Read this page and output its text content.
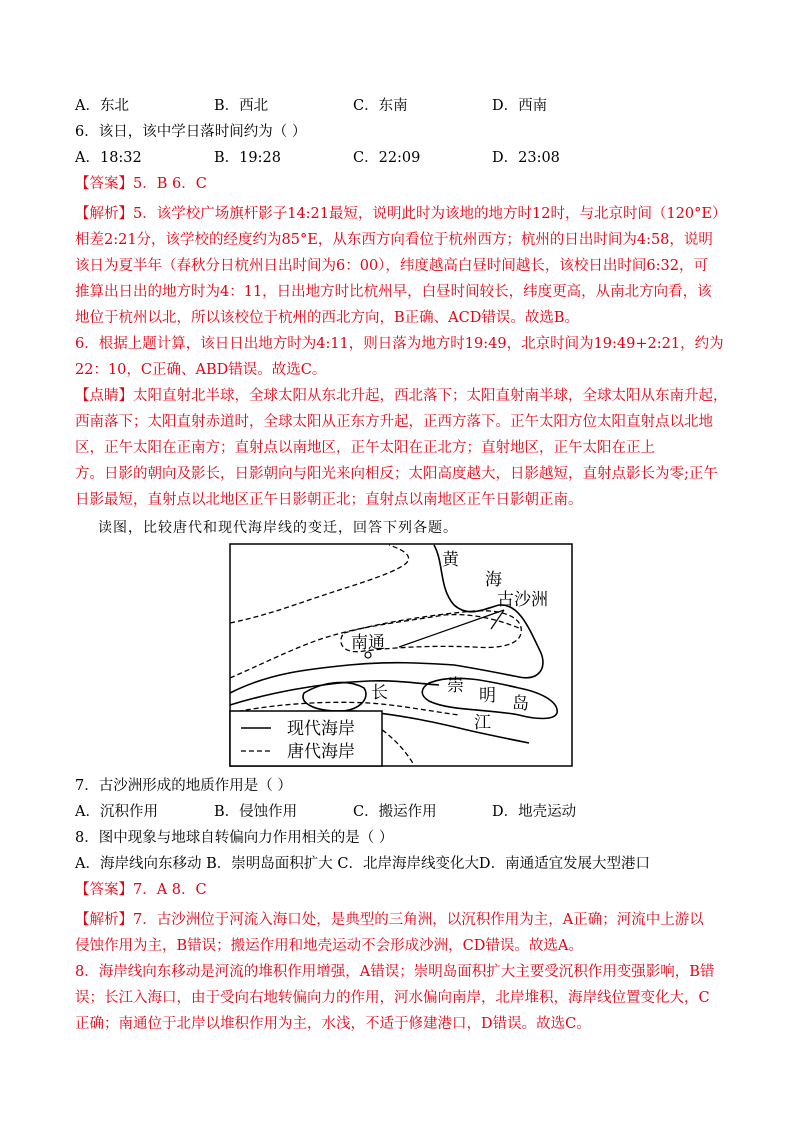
A．东北	B．西北	C．东南	D．西南
6．该日，该中学日落时间约为（ ）
A．18:32	B．19:28	C．22:09	D．23:08
【答案】5．B 6．C
【解析】5．该学校广场旗杆影子14:21最短，说明此时为该地的地方时12时，与北京时间（120°E）
相差2:21分，该学校的经度约为85°E，从东西方向看位于杭州西方；杭州的日出时间为4:58，说明
该日为夏半年（春秋分日杭州日出时间为6：00），纬度越高白昼时间越长，该校日出时间6:32，可
推算出日出的地方时为4：11，日出地方时比杭州早，白昼时间较长，纬度更高，从南北方向看，该
地位于杭州以北，所以该校位于杭州的西北方向，B正确、ACD错误。故选B。
6．根据上题计算，该日日出地方时为4:11，则日落为地方时19:49，北京时间为19:49+2:21，约为
22：10，C正确、ABD错误。故选C。
【点睛】太阳直射北半球，全球太阳从东北升起，西北落下；太阳直射南半球，全球太阳从东南升起，
西南落下；太阳直射赤道时，全球太阳从正东方升起，正西方落下。正午太阳方位太阳直射点以北地
区，正午太阳在正南方；直射点以南地区，正午太阳在正北方；直射地区，正午太阳在正上
方。日影的朝向及影长，日影朝向与阳光来向相反；太阳高度越大，日影越短，直射点影长为零;正午
日影最短，直射点以北地区正午日影朝正北；直射点以南地区正午日影朝正南。
读图，比较唐代和现代海岸线的变迁，回答下列各题。
黄
海
古沙洲
南通
长	崇 明 岛
江
现代海岸
唐代海岸
7．古沙洲形成的地质作用是（ ）
A．沉积作用	B．侵蚀作用	C．搬运作用	D．地壳运动
8．图中现象与地球自转偏向力作用相关的是（ ）
A．海岸线向东移动 B．崇明岛面积扩大 C．北岸海岸线变化大D．南通适宜发展大型港口
【答案】7．A 8．C
【解析】7．古沙洲位于河流入海口处，是典型的三角洲，以沉积作用为主，A正确；河流中上游以
侵蚀作用为主，B错误；搬运作用和地壳运动不会形成沙洲，CD错误。故选A。
8．海岸线向东移动是河流的堆积作用增强，A错误；崇明岛面积扩大主要受沉积作用变强影响，B错
误；长江入海口，由于受向右地转偏向力的作用，河水偏向南岸，北岸堆积，海岸线位置变化大，C
正确；南通位于北岸以堆积作用为主，水浅，不适于修建港口，D错误。故选C。
